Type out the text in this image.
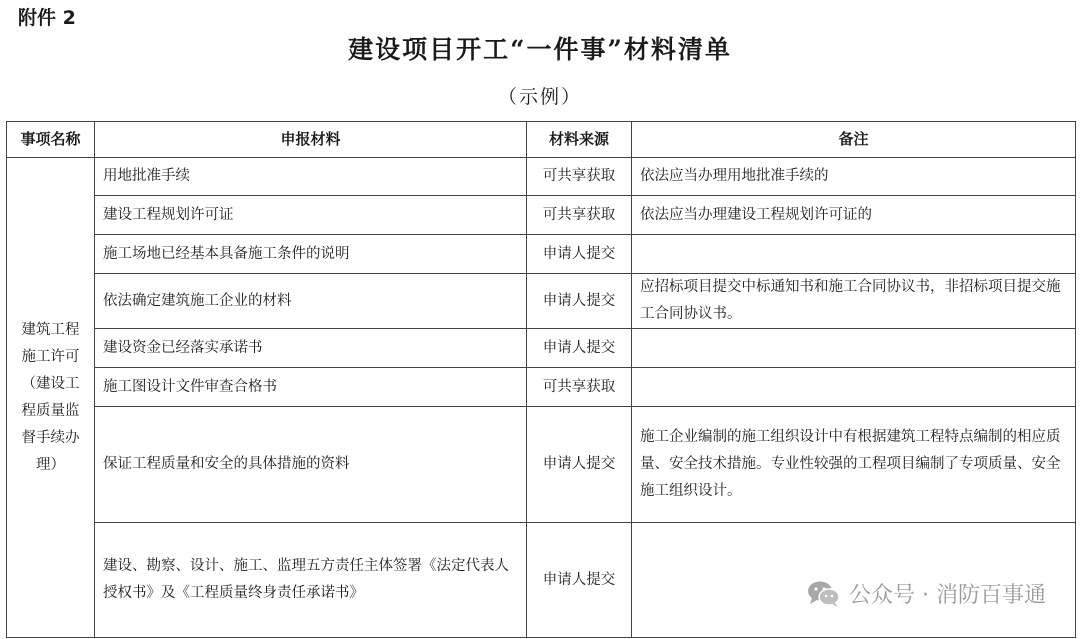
附件 2
建设项目开工“一件事”材料清单
（示例）
事项名称	申报材料	材料来源	备注
建筑工程施工许可（建设工程质量监督手续办理）	用地批准手续	可共享获取	依法应当办理用地批准手续的
	建设工程规划许可证	可共享获取	依法应当办理建设工程规划许可证的
	施工场地已经基本具备施工条件的说明	申请人提交	
	依法确定建筑施工企业的材料	申请人提交	应招标项目提交中标通知书和施工合同协议书，非招标项目提交施工合同协议书。
	建设资金已经落实承诺书	申请人提交	
	施工图设计文件审查合格书	可共享获取	
	保证工程质量和安全的具体措施的资料	申请人提交	施工企业编制的施工组织设计中有根据建筑工程特点编制的相应质量、安全技术措施。专业性较强的工程项目编制了专项质量、安全施工组织设计。
	建设、勘察、设计、施工、监理五方责任主体签署《法定代表人授权书》及《工程质量终身责任承诺书》	申请人提交	
公众号 · 消防百事通
